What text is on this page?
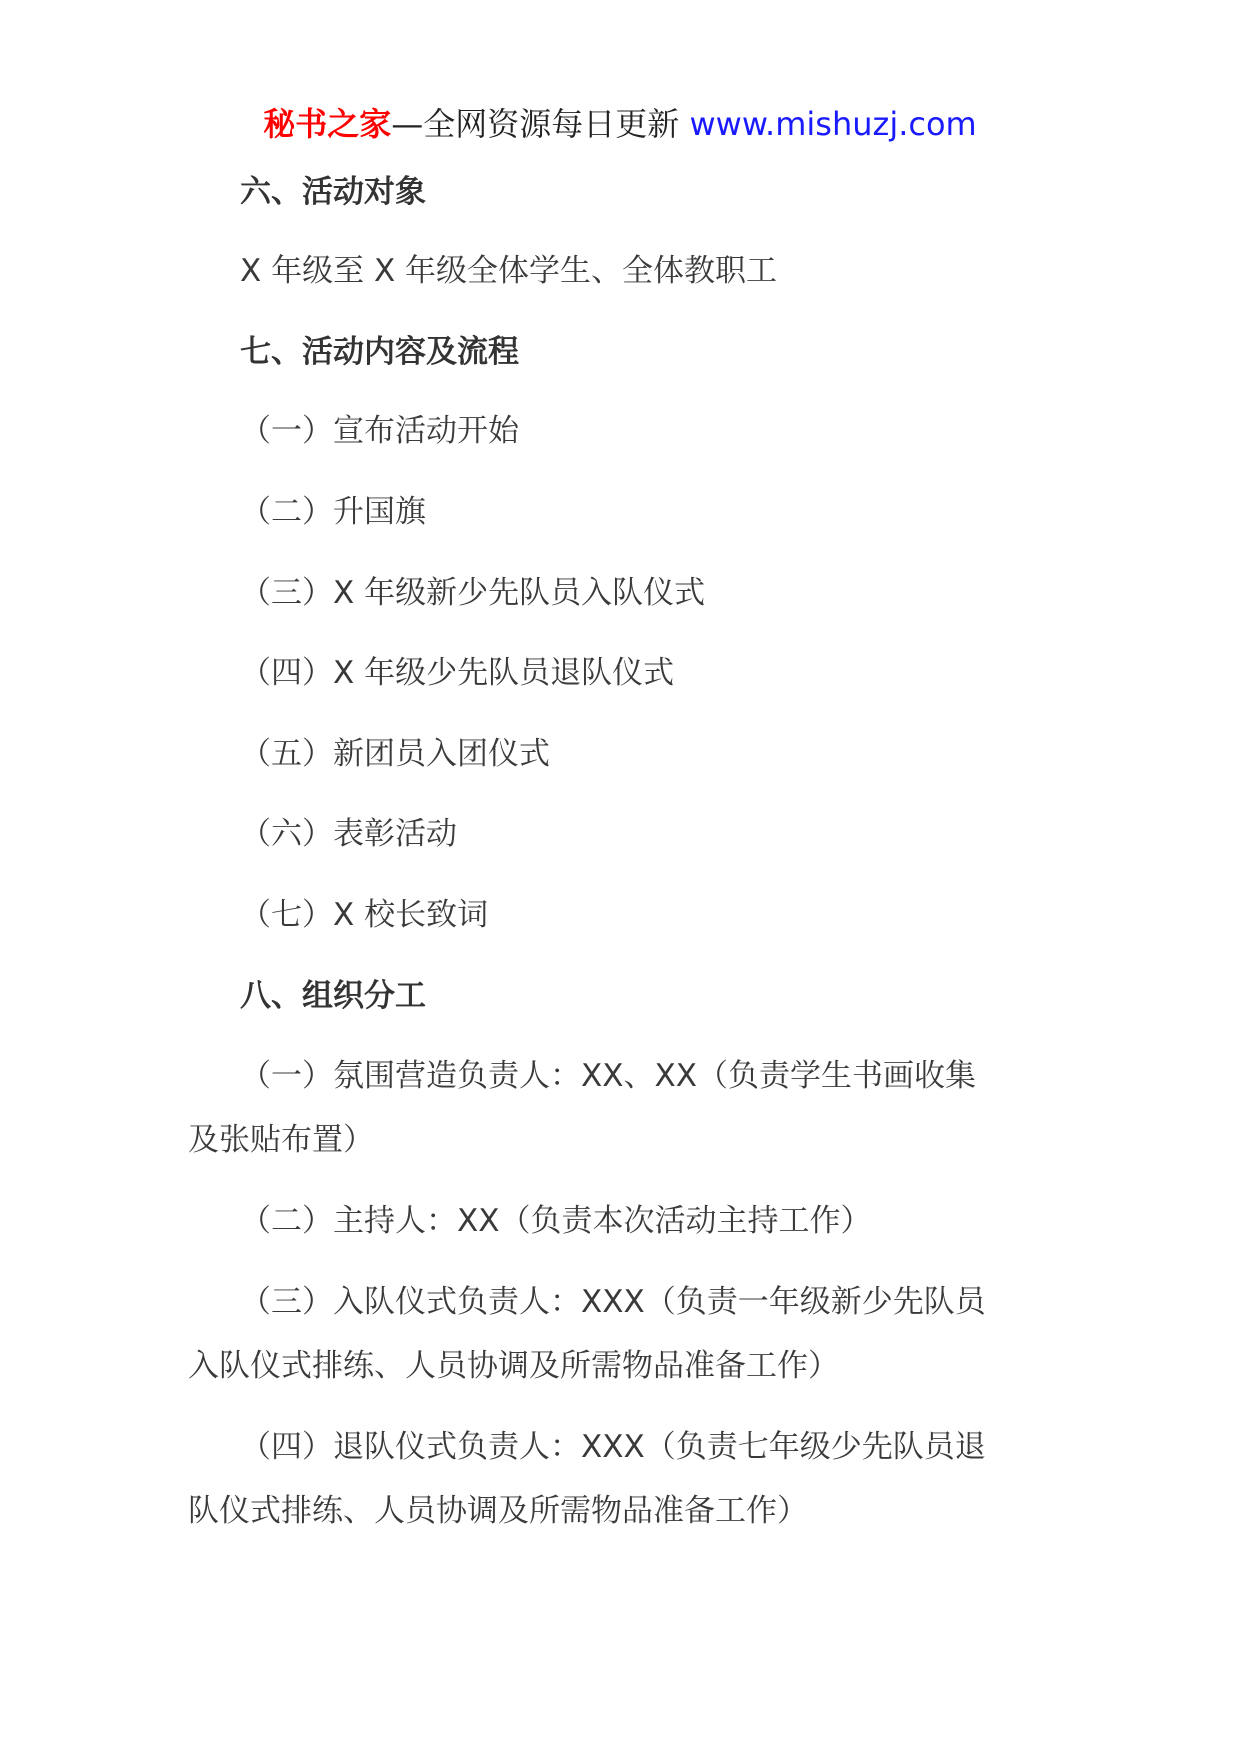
秘书之家—全网资源每日更新 www.mishuzj.com
六、活动对象
X 年级至 X 年级全体学生、全体教职工
七、活动内容及流程
（一）宣布活动开始
（二）升国旗
（三）X 年级新少先队员入队仪式
（四）X 年级少先队员退队仪式
（五）新团员入团仪式
（六）表彰活动
（七）X 校长致词
八、组织分工
（一）氛围营造负责人：XX、XX（负责学生书画收集
及张贴布置）
（二）主持人：XX（负责本次活动主持工作）
（三）入队仪式负责人：XXX（负责一年级新少先队员
入队仪式排练、人员协调及所需物品准备工作）
（四）退队仪式负责人：XXX（负责七年级少先队员退
队仪式排练、人员协调及所需物品准备工作）
